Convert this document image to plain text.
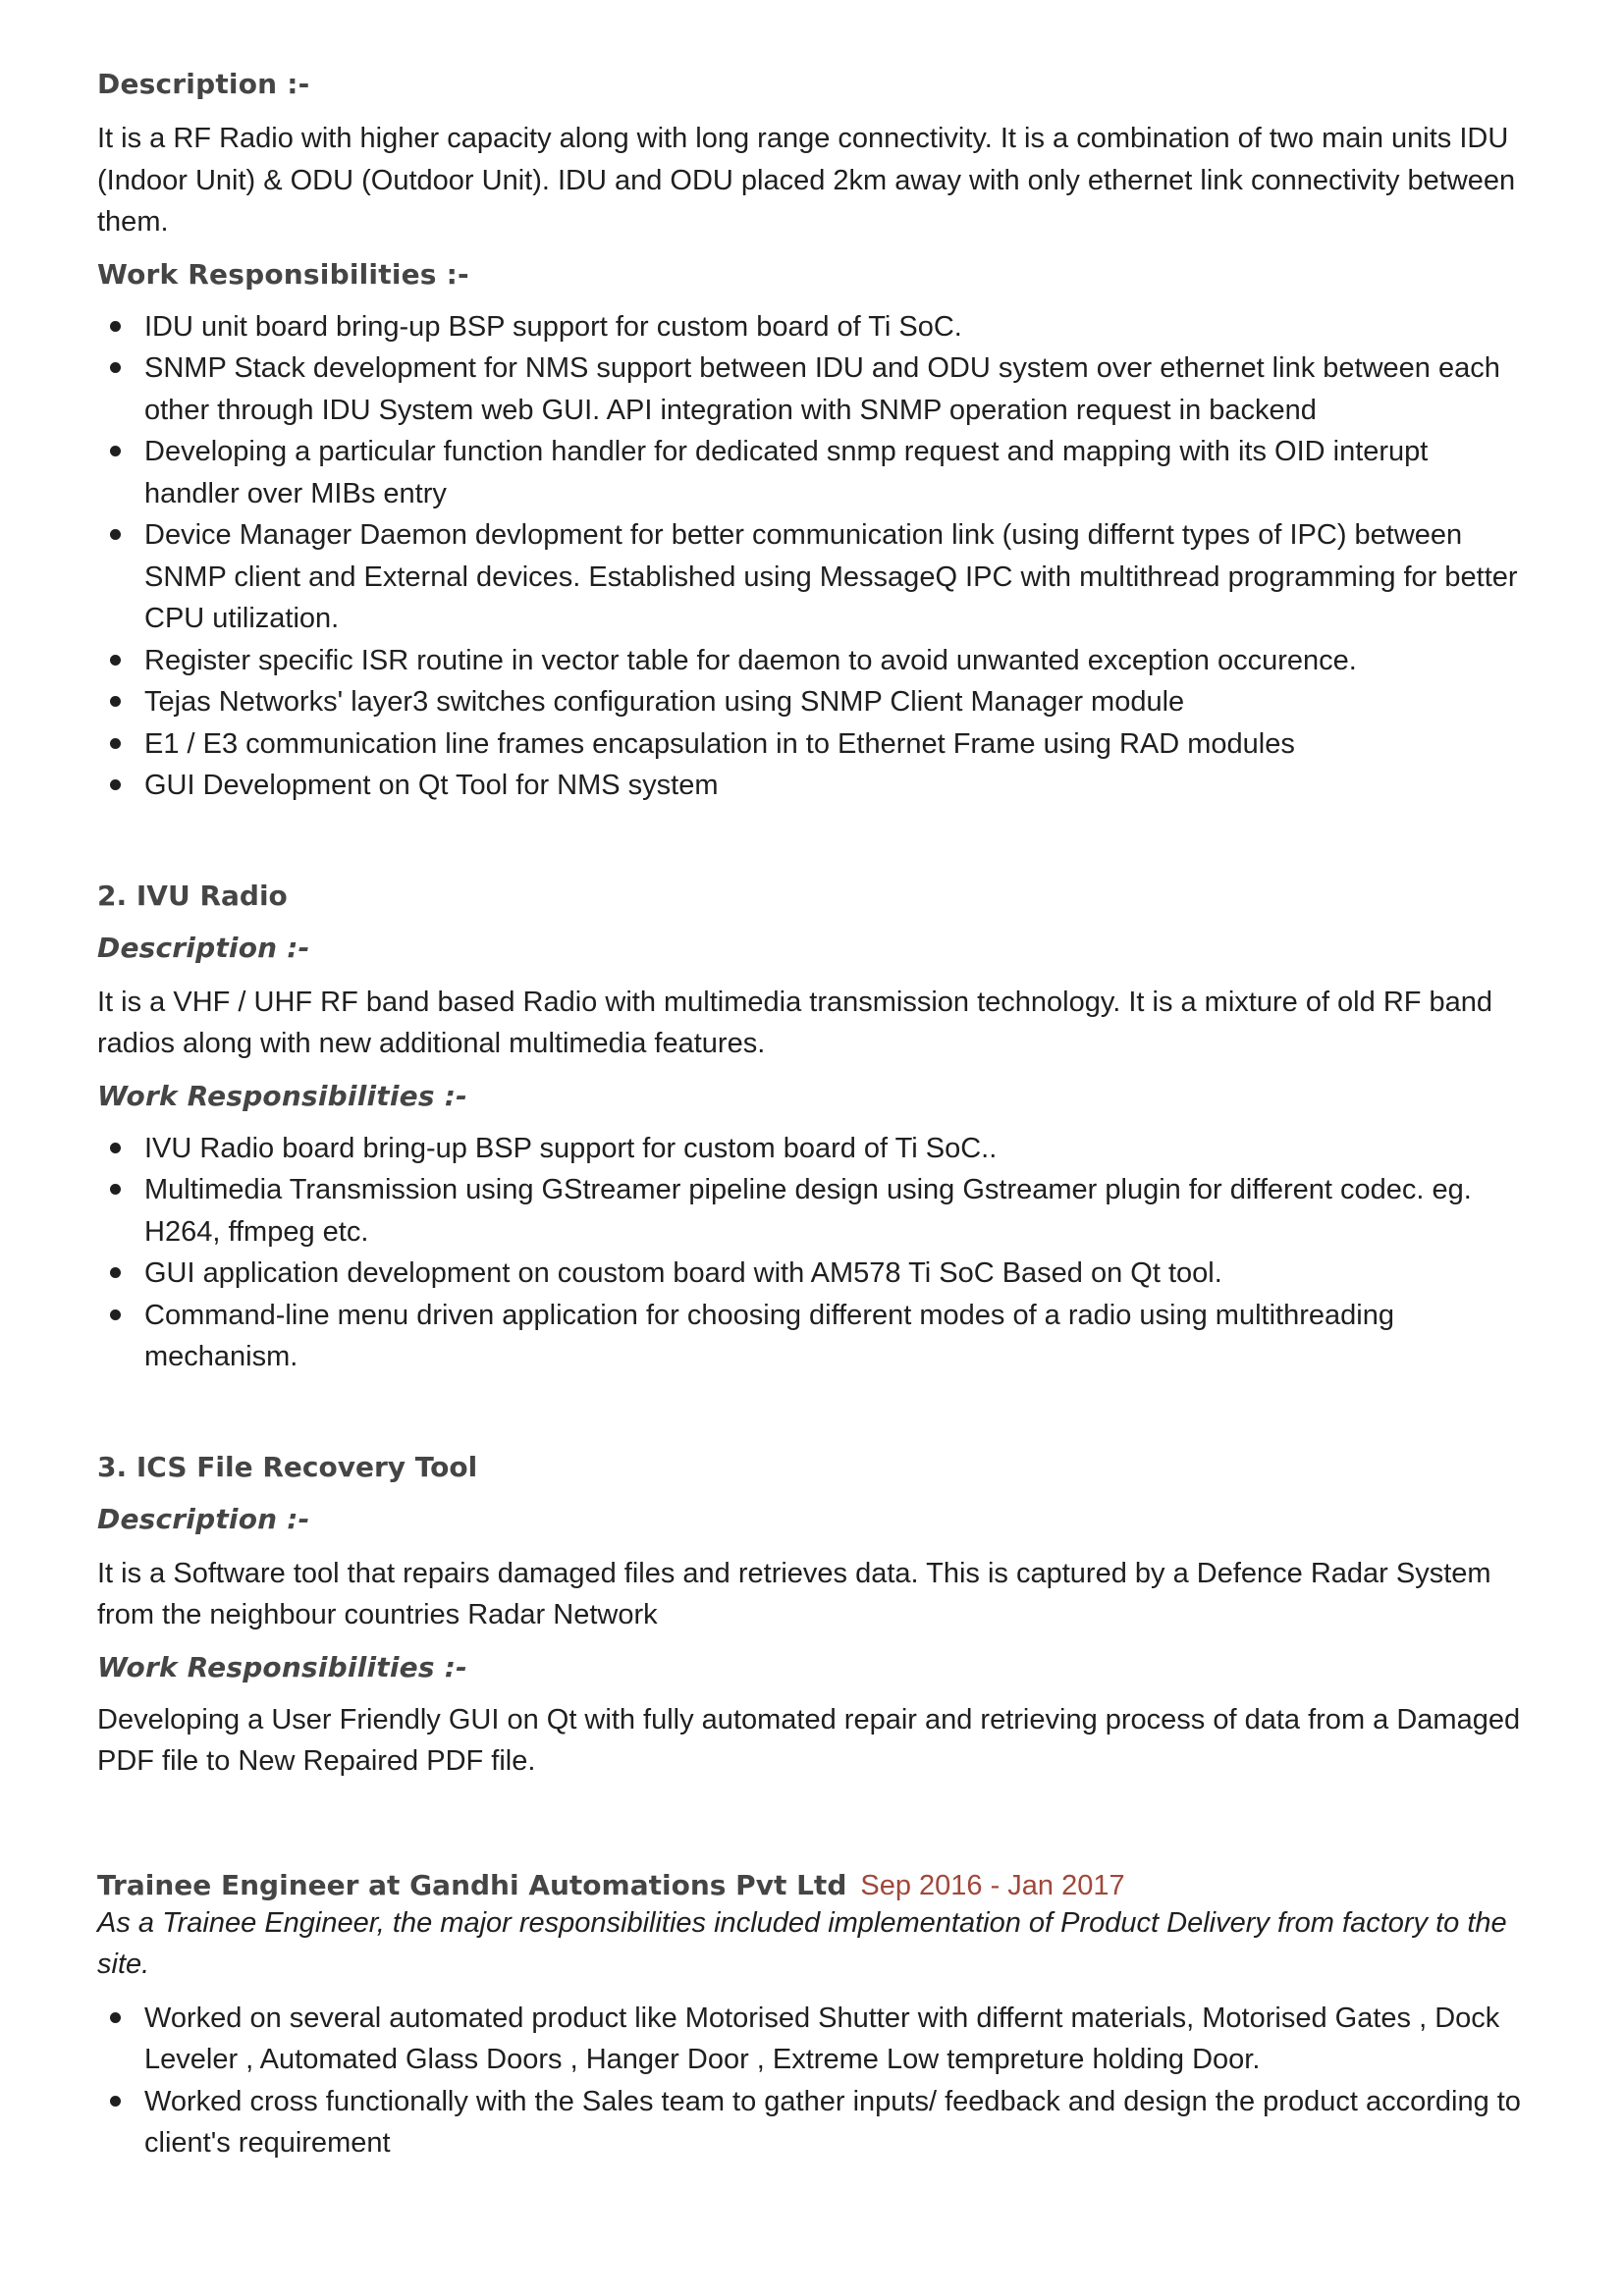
Description :-

It is a RF Radio with higher capacity along with long range connectivity. It is a combination of two main units IDU (Indoor Unit) & ODU (Outdoor Unit). IDU and ODU placed 2km away with only ethernet link connectivity between them.

Work Responsibilities :-
IDU unit board bring-up BSP support for custom board of Ti SoC.
SNMP Stack development for NMS support between IDU and ODU system over ethernet link between each other through IDU System web GUI. API integration with SNMP operation request in backend
Developing a particular function handler for dedicated snmp request and mapping with its OID interupt handler over MIBs entry
Device Manager Daemon devlopment for better communication link (using differnt types of IPC) between SNMP client and External devices. Established using MessageQ IPC with multithread programming for better CPU utilization.
Register specific ISR routine in vector table for daemon to avoid unwanted exception occurence.
Tejas Networks' layer3 switches configuration using SNMP Client Manager module
E1 / E3 communication line frames encapsulation in to Ethernet Frame using RAD modules
GUI Development on Qt Tool for NMS system
2. IVU Radio
Description :-

It is a VHF / UHF RF band based Radio with multimedia transmission technology. It is a mixture of old RF band radios along with new additional multimedia features.

Work Responsibilities :-
IVU Radio board bring-up BSP support for custom board of Ti SoC..
Multimedia Transmission using GStreamer pipeline design using Gstreamer plugin for different codec. eg. H264, ffmpeg etc.
GUI application development on coustom board with AM578 Ti SoC Based on Qt tool.
Command-line menu driven application for choosing different modes of a radio using multithreading mechanism.
3. ICS File Recovery Tool
Description :-

It is a Software tool that repairs damaged files and retrieves data. This is captured by a Defence Radar System from the neighbour countries Radar Network

Work Responsibilities :-

Developing a User Friendly GUI on Qt with fully automated repair and retrieving process of data from a Damaged PDF file to New Repaired PDF file.

Trainee Engineer at Gandhi Automations Pvt Ltd Sep 2016 - Jan 2017

As a Trainee Engineer, the major responsibilities included implementation of Product Delivery from factory to the site.

Worked on several automated product like Motorised Shutter with differnt materials, Motorised Gates , Dock Leveler , Automated Glass Doors , Hanger Door , Extreme Low tempreture holding Door.
Worked cross functionally with the Sales team to gather inputs/ feedback and design the product according to client's requirement
